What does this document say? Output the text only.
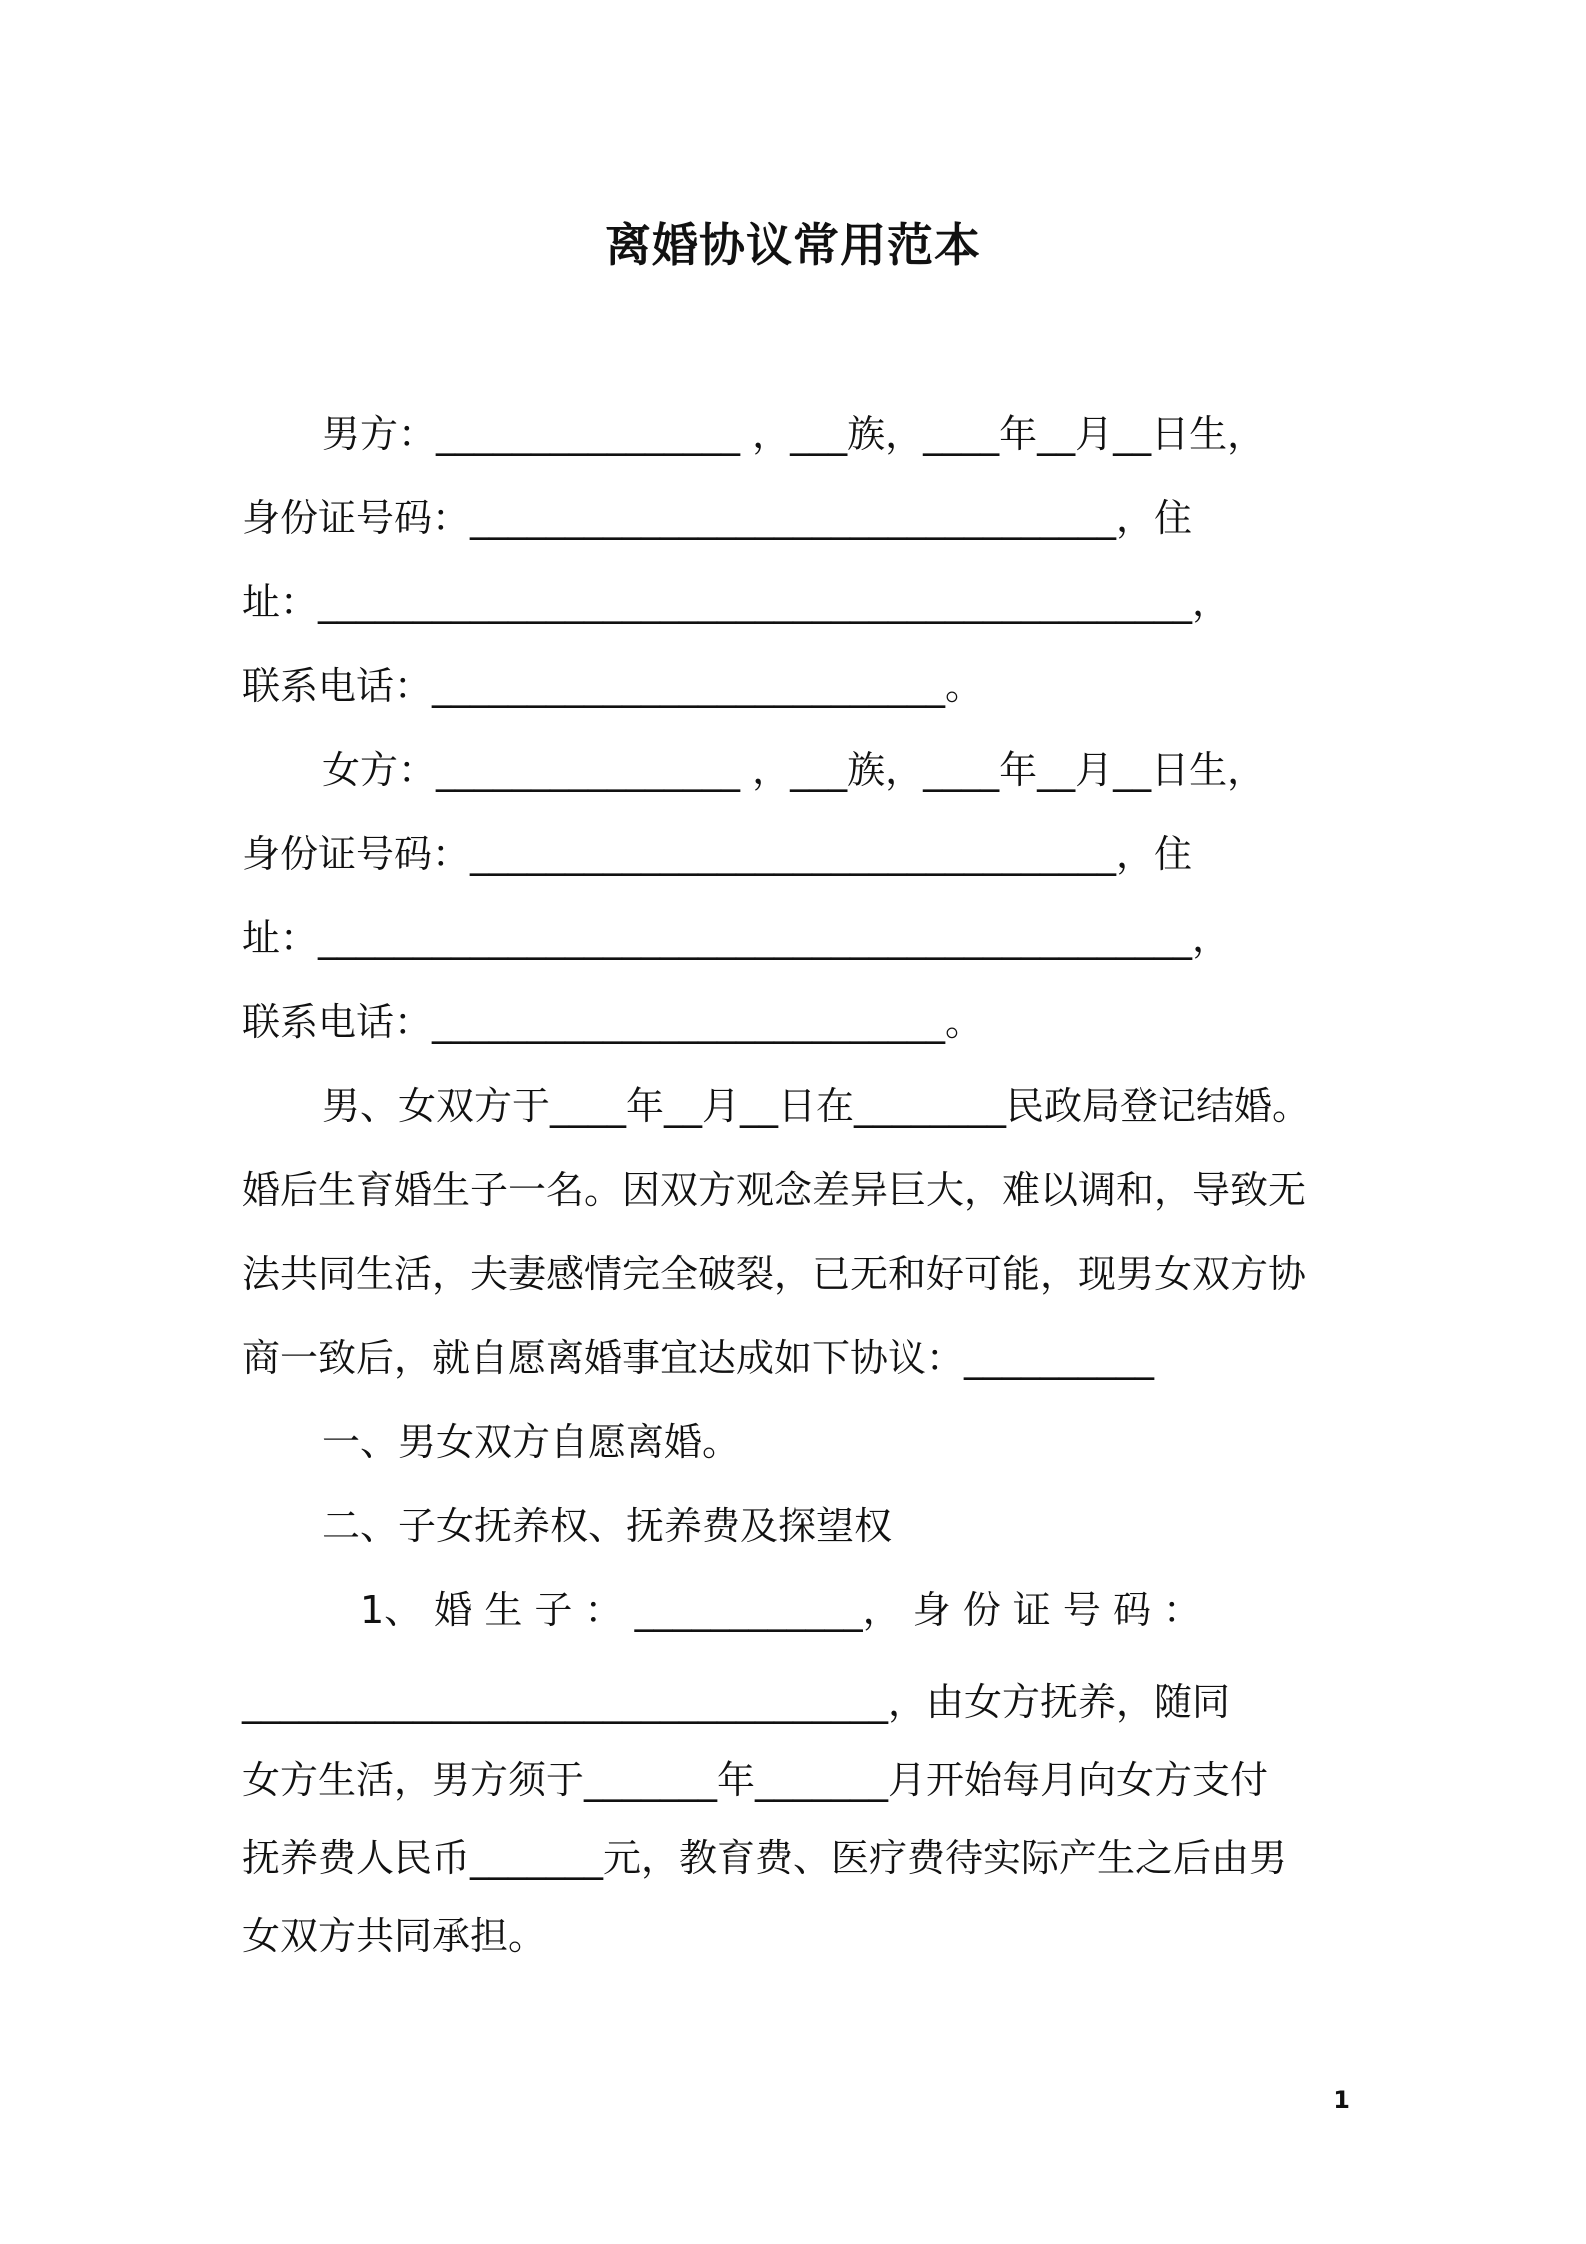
离婚协议常用范本
男方：________________ ，___族，____年__月__日生，
身份证号码：__________________________________，住
址：______________________________________________，
联系电话：___________________________。
女方：________________ ，___族，____年__月__日生，
身份证号码：__________________________________，住
址：______________________________________________，
联系电话：___________________________。
男、女双方于____年__月__日在________民政局登记结婚。
婚后生育婚生子一名。因双方观念差异巨大，难以调和，导致无
法共同生活，夫妻感情完全破裂，已无和好可能，现男女双方协
商一致后，就自愿离婚事宜达成如下协议：__________
一、男女双方自愿离婚。
二、子女抚养权、抚养费及探望权
1、 婚 生 子 ： ____________， 身 份 证 号 码 ：
__________________________________，由女方抚养，随同
女方生活，男方须于_______年_______月开始每月向女方支付
抚养费人民币_______元，教育费、医疗费待实际产生之后由男
女双方共同承担。
1
